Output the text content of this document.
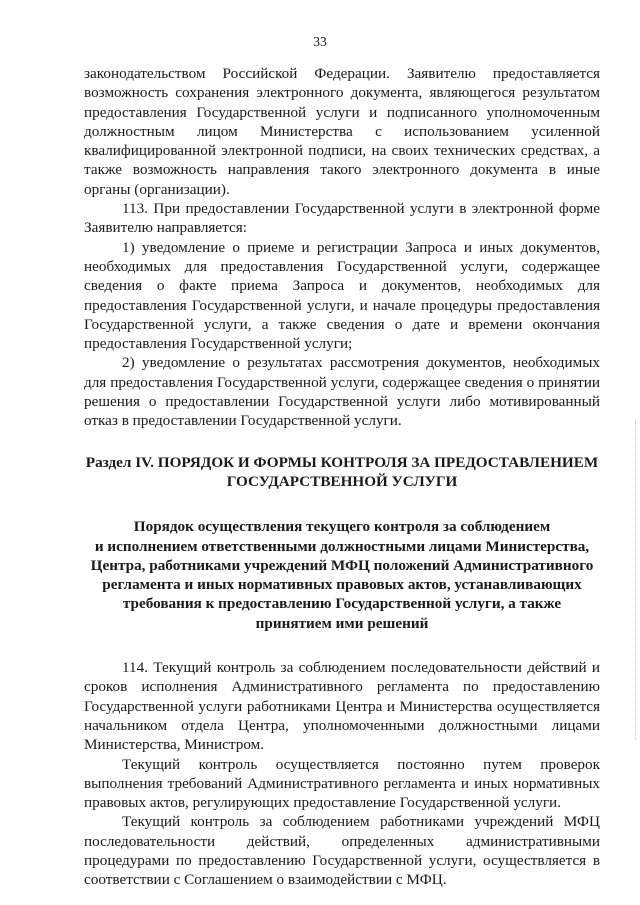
33

законодательством Российской Федерации. Заявителю предоставляется возможность сохранения электронного документа, являющегося результатом предоставления Государственной услуги и подписанного уполномоченным должностным лицом Министерства с использованием усиленной квалифицированной электронной подписи, на своих технических средствах, а также возможность направления такого электронного документа в иные органы (организации).

113. При предоставлении Государственной услуги в электронной форме Заявителю направляется:

1) уведомление о приеме и регистрации Запроса и иных документов, необходимых для предоставления Государственной услуги, содержащее сведения о факте приема Запроса и документов, необходимых для предоставления Государственной услуги, и начале процедуры предоставления Государственной услуги, а также сведения о дате и времени окончания предоставления Государственной услуги;

2) уведомление о результатах рассмотрения документов, необходимых для предоставления Государственной услуги, содержащее сведения о принятии решения о предоставлении Государственной услуги либо мотивированный отказ в предоставлении Государственной услуги.

Раздел IV. ПОРЯДОК И ФОРМЫ КОНТРОЛЯ ЗА ПРЕДОСТАВЛЕНИЕМ
ГОСУДАРСТВЕННОЙ УСЛУГИ
Порядок осуществления текущего контроля за соблюдением
и исполнением ответственными должностными лицами Министерства,
Центра, работниками учреждений МФЦ положений Административного
регламента и иных нормативных правовых актов, устанавливающих
требования к предоставлению Государственной услуги, а также
принятием ими решений

114. Текущий контроль за соблюдением последовательности действий и сроков исполнения Административного регламента по предоставлению Государственной услуги работниками Центра и Министерства осуществляется начальником отдела Центра, уполномоченными должностными лицами Министерства, Министром.

Текущий контроль осуществляется постоянно путем проверок выполнения требований Административного регламента и иных нормативных правовых актов, регулирующих предоставление Государственной услуги.

Текущий контроль за соблюдением работниками учреждений МФЦ последовательности действий, определенных административными процедурами по предоставлению Государственной услуги, осуществляется в соответствии с Соглашением о взаимодействии с МФЦ.
